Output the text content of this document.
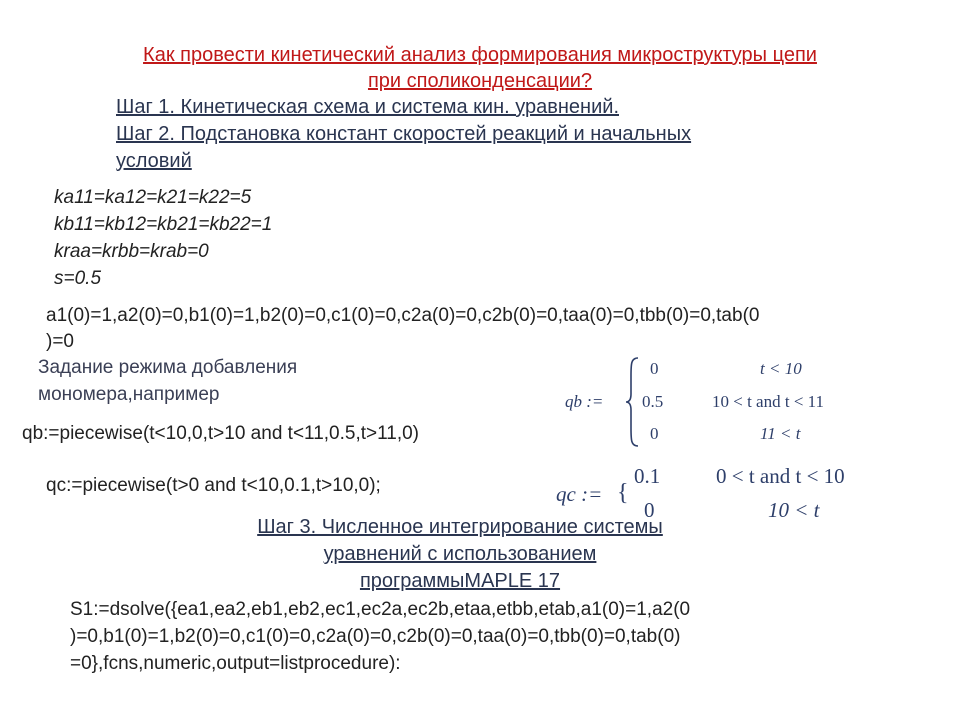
Как провести кинетический анализ формирования микроструктуры цепи
при споликонденсации?
Шаг 1. Кинетическая схема и система кин. уравнений.
Шаг 2. Подстановка констант скоростей реакций и начальных
условий
ka11=ka12=k21=k22=5
kb11=kb12=kb21=kb22=1
kraa=krbb=krab=0
s=0.5
a1(0)=1,a2(0)=0,b1(0)=1,b2(0)=0,c1(0)=0,c2a(0)=0,c2b(0)=0,taa(0)=0,tbb(0)=0,tab(0
)=0
Задание режима добавления
мономера,например
qb:=piecewise(t<10,0,t>10 and t<11,0.5,t>11,0)
qc:=piecewise(t>0 and t<10,0.1,t>10,0);
qb :=
0	t < 10
0.5	10 < t and t < 11
0	11 < t
qc := {
0.1	0 < t and t < 10
0	10 < t
Шаг 3. Численное интегрирование системы
уравнений с использованием
программыMAPLE 17
S1:=dsolve({ea1,ea2,eb1,eb2,ec1,ec2a,ec2b,etaa,etbb,etab,a1(0)=1,a2(0
)=0,b1(0)=1,b2(0)=0,c1(0)=0,c2a(0)=0,c2b(0)=0,taa(0)=0,tbb(0)=0,tab(0)
=0},fcns,numeric,output=listprocedure):
